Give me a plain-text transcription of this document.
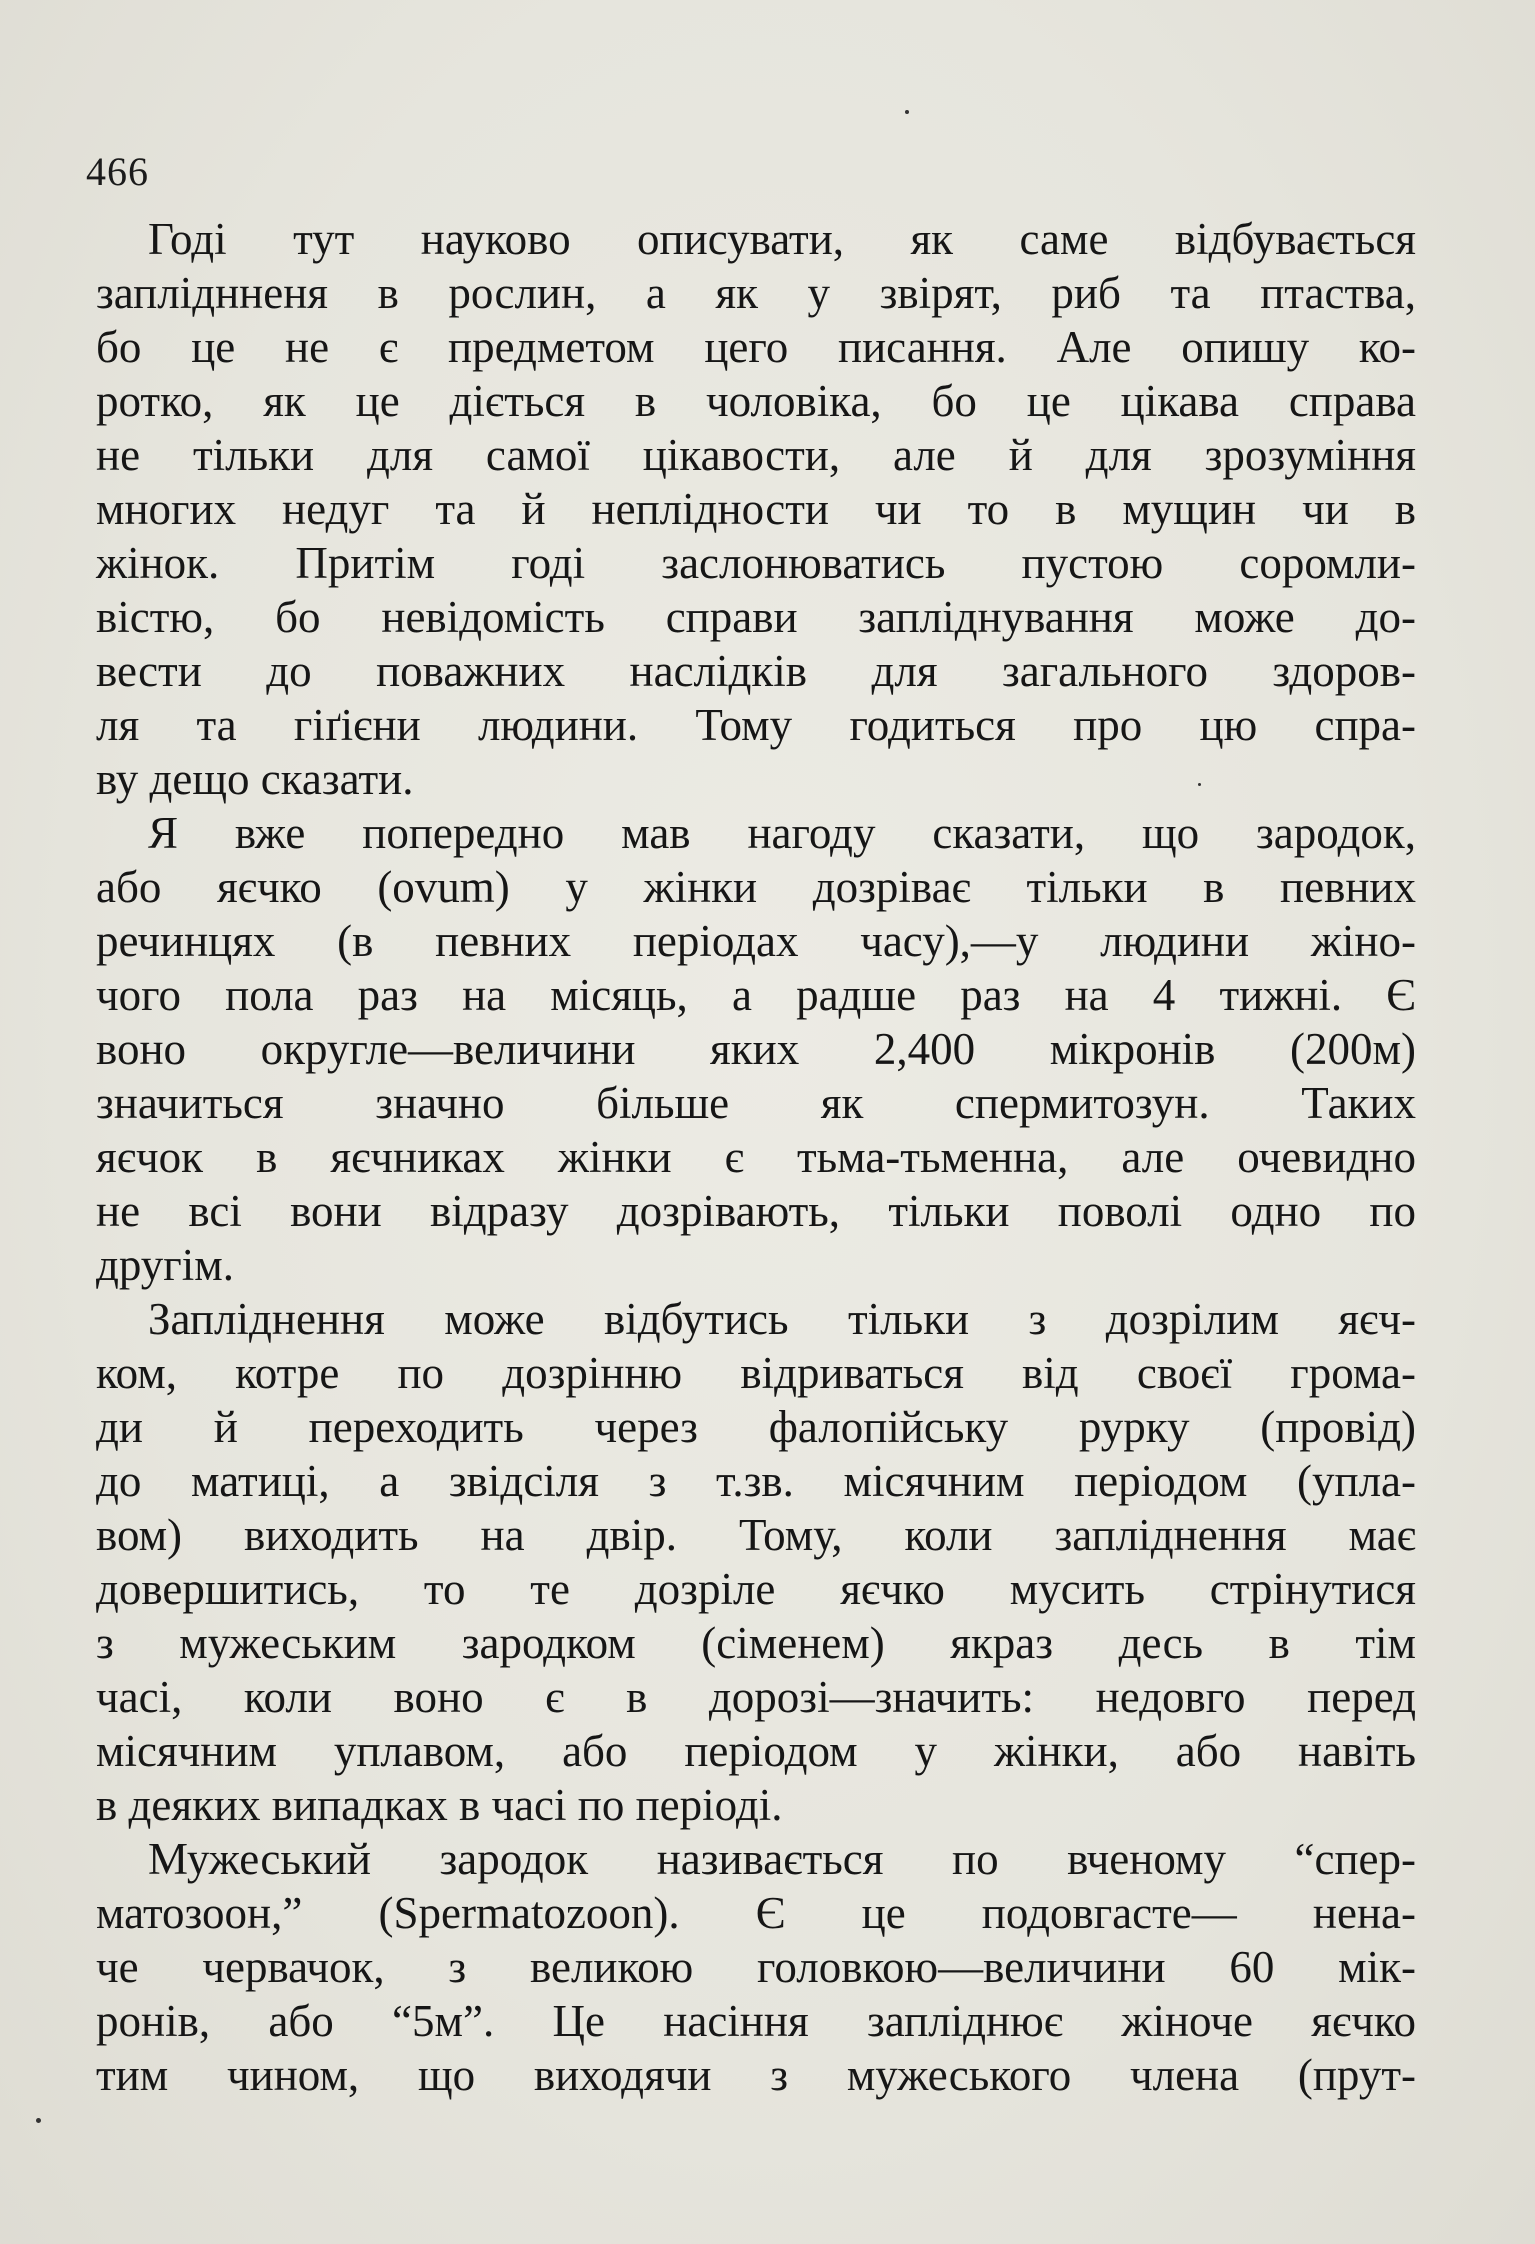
466
Годі тут науково описувати, як саме відбувається
запліднненя в рослин, а як у звірят, риб та птаства,
бо це не є предметом цего писання. Але опишу ко-
ротко, як це діється в чоловіка, бо це цікава справа
не тільки для самої цікавости, але й для зрозуміння
многих недуг та й неплідности чи то в мущин чи в
жінок. Притім годі заслонюватись пустою соромли-
вістю, бо невідомість справи запліднування може до-
вести до поважних наслідків для загального здоров-
ля та гіґієни людини. Тому годиться про цю спра-
ву дещо сказати.
Я вже попередно мав нагоду сказати, що зародок,
або яєчко (ovum) у жінки дозріває тільки в певних
речинцях (в певних періодах часу),—у людини жіно-
чого пола раз на місяць, а радше раз на 4 тижні. Є
воно округле—величини яких 2,400 мікронів (200м)
значиться значно більше як спермитозун. Таких
яєчок в яєчниках жінки є тьма-тьменна, але очевидно
не всі вони відразу дозрівають, тільки поволі одно по
другім.
Запліднення може відбутись тільки з дозрілим яєч-
ком, котре по дозрінню відриваться від своєї грома-
ди й переходить через фалопійську рурку (провід)
до матиці, а звідсіля з т.зв. місячним періодом (упла-
вом) виходить на двір. Тому, коли запліднення має
довершитись, то те дозріле яєчко мусить стрінутися
з мужеським зародком (сіменем) якраз десь в тім
часі, коли воно є в дорозі—значить: недовго перед
місячним уплавом, або періодом у жінки, або навіть
в деяких випадках в часі по періоді.
Мужеський зародок називається по вченому “спер-
матозоон,” (Spermatozoon). Є це подовгасте— нена-
че червачок, з великою головкою—величини 60 мік-
ронів, або “5м”. Це насіння запліднює жіноче яєчко
тим чином, що виходячи з мужеського члена (прут-
